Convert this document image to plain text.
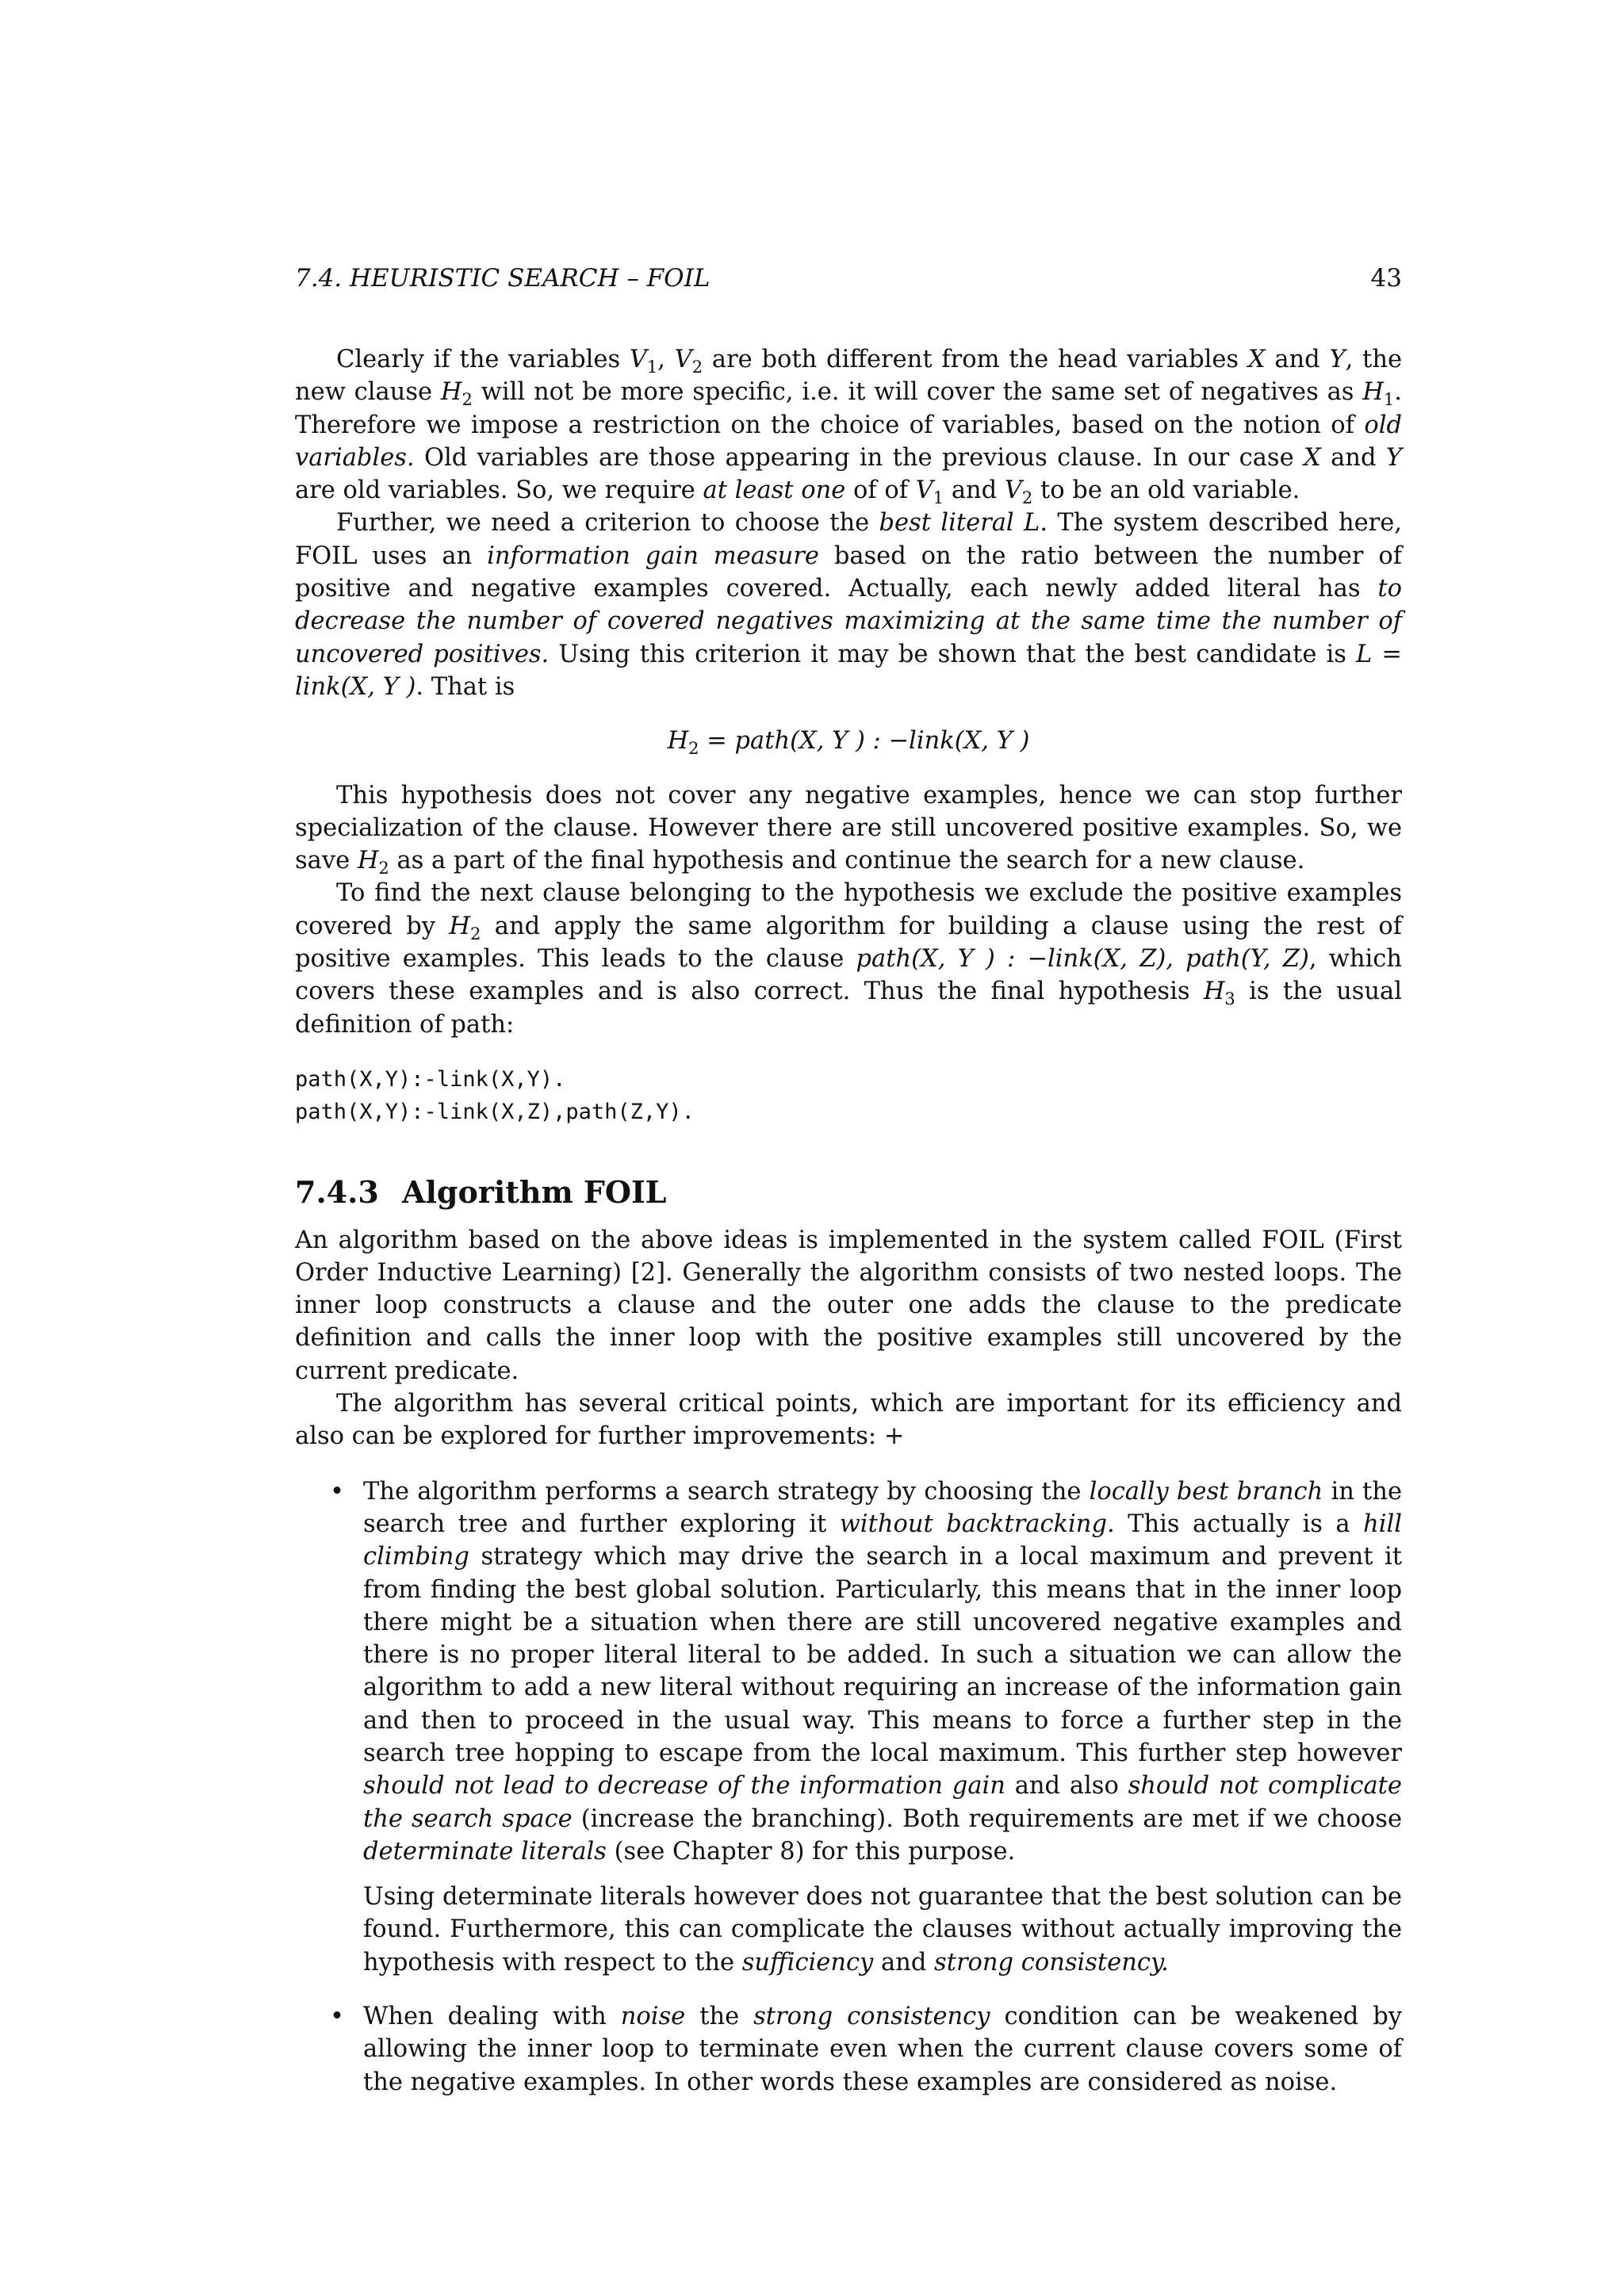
7.4. HEURISTIC SEARCH – FOIL	43

Clearly if the variables $V_1$, $V_2$ are both different from the head variables X and Y, the new clause $H_2$ will not be more specific, i.e. it will cover the same set of negatives as $H_1$. Therefore we impose a restriction on the choice of variables, based on the notion of old variables. Old variables are those appearing in the previous clause. In our case X and Y are old variables. So, we require at least one of of $V_1$ and $V_2$ to be an old variable.

Further, we need a criterion to choose the best literal L. The system described here, FOIL uses an information gain measure based on the ratio between the number of positive and negative examples covered. Actually, each newly added literal has to decrease the number of covered negatives maximizing at the same time the number of uncovered positives. Using this criterion it may be shown that the best candidate is L = link(X, Y ). That is

$H_2$ = path(X, Y ) : −link(X, Y )

This hypothesis does not cover any negative examples, hence we can stop further specialization of the clause. However there are still uncovered positive examples. So, we save $H_2$ as a part of the final hypothesis and continue the search for a new clause.

To find the next clause belonging to the hypothesis we exclude the positive examples covered by $H_2$ and apply the same algorithm for building a clause using the rest of positive examples. This leads to the clause path(X, Y ) : −link(X, Z), path(Y, Z), which covers these examples and is also correct. Thus the final hypothesis $H_3$ is the usual definition of path:

path(X,Y):-link(X,Y).
path(X,Y):-link(X,Z),path(Z,Y).
7.4.3 Algorithm FOIL

An algorithm based on the above ideas is implemented in the system called FOIL (First Order Inductive Learning) [2]. Generally the algorithm consists of two nested loops. The inner loop constructs a clause and the outer one adds the clause to the predicate definition and calls the inner loop with the positive examples still uncovered by the current predicate.

The algorithm has several critical points, which are important for its efficiency and also can be explored for further improvements: +

• The algorithm performs a search strategy by choosing the locally best branch in the search tree and further exploring it without backtracking. This actually is a hill climbing strategy which may drive the search in a local maximum and prevent it from finding the best global solution. Particularly, this means that in the inner loop there might be a situation when there are still uncovered negative examples and there is no proper literal literal to be added. In such a situation we can allow the algorithm to add a new literal without requiring an increase of the information gain and then to proceed in the usual way. This means to force a further step in the search tree hopping to escape from the local maximum. This further step however should not lead to decrease of the information gain and also should not complicate the search space (increase the branching). Both requirements are met if we choose determinate literals (see Chapter 8) for this purpose.

Using determinate literals however does not guarantee that the best solution can be found. Furthermore, this can complicate the clauses without actually improving the hypothesis with respect to the sufficiency and strong consistency.

• When dealing with noise the strong consistency condition can be weakened by allowing the inner loop to terminate even when the current clause covers some of the negative examples. In other words these examples are considered as noise.
